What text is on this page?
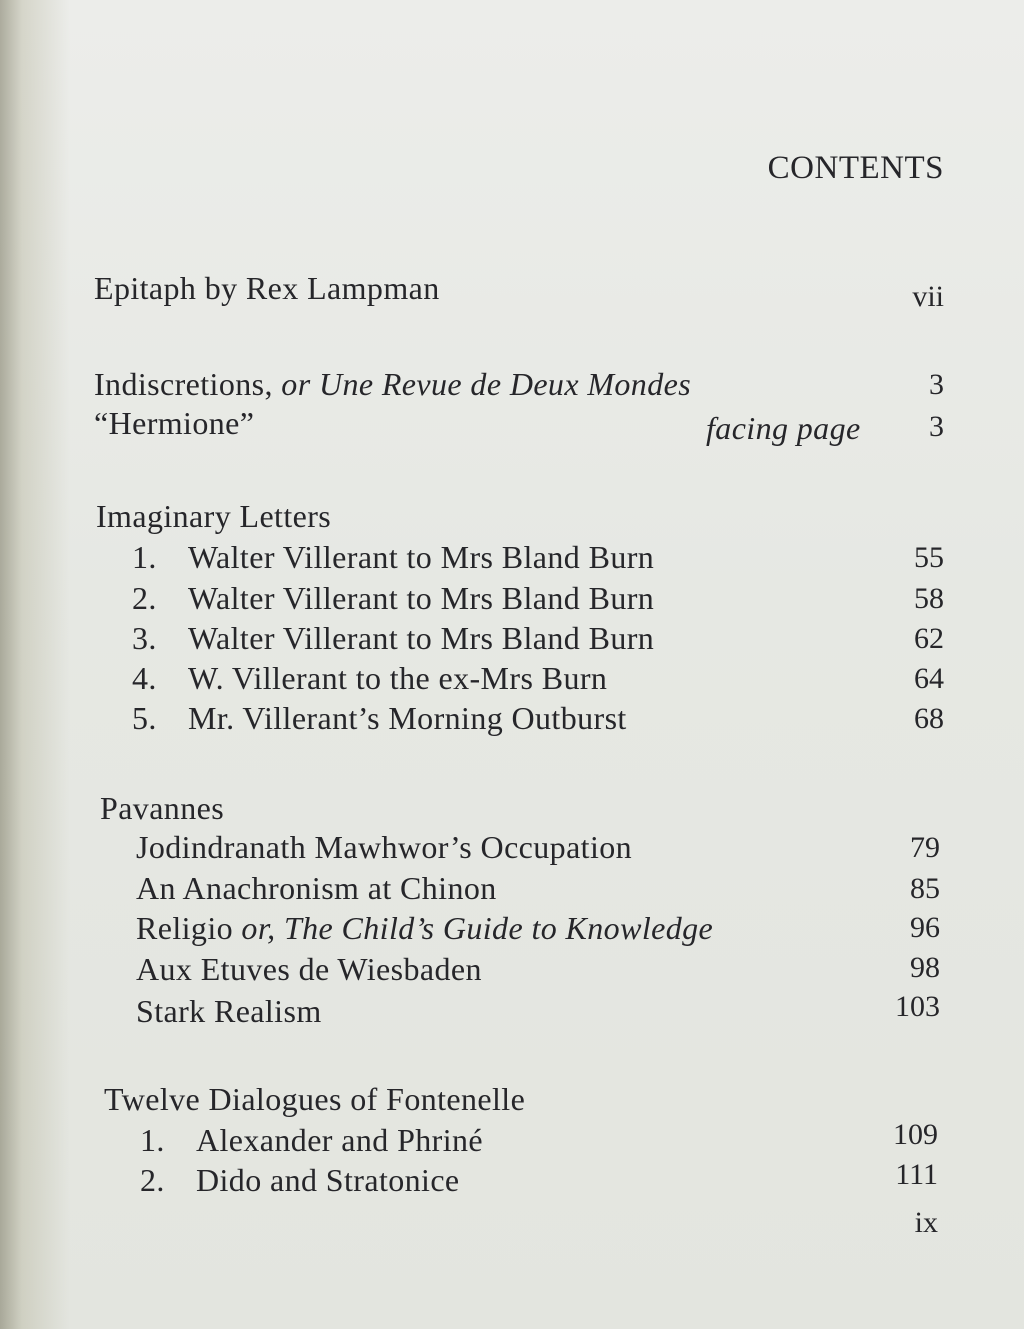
CONTENTS
Epitaph by Rex Lampman	vii
Indiscretions, or Une Revue de Deux Mondes	3
“Hermione”	facing page 3
Imaginary Letters
1. Walter Villerant to Mrs Bland Burn	55
2. Walter Villerant to Mrs Bland Burn	58
3. Walter Villerant to Mrs Bland Burn	62
4. W. Villerant to the ex-Mrs Burn	64
5. Mr. Villerant’s Morning Outburst	68
Pavannes
Jodindranath Mawhwor’s Occupation	79
An Anachronism at Chinon	85
Religio or, The Child’s Guide to Knowledge	96
Aux Etuves de Wiesbaden	98
Stark Realism	103
Twelve Dialogues of Fontenelle
1. Alexander and Phriné	109
2. Dido and Stratonice	111
ix
